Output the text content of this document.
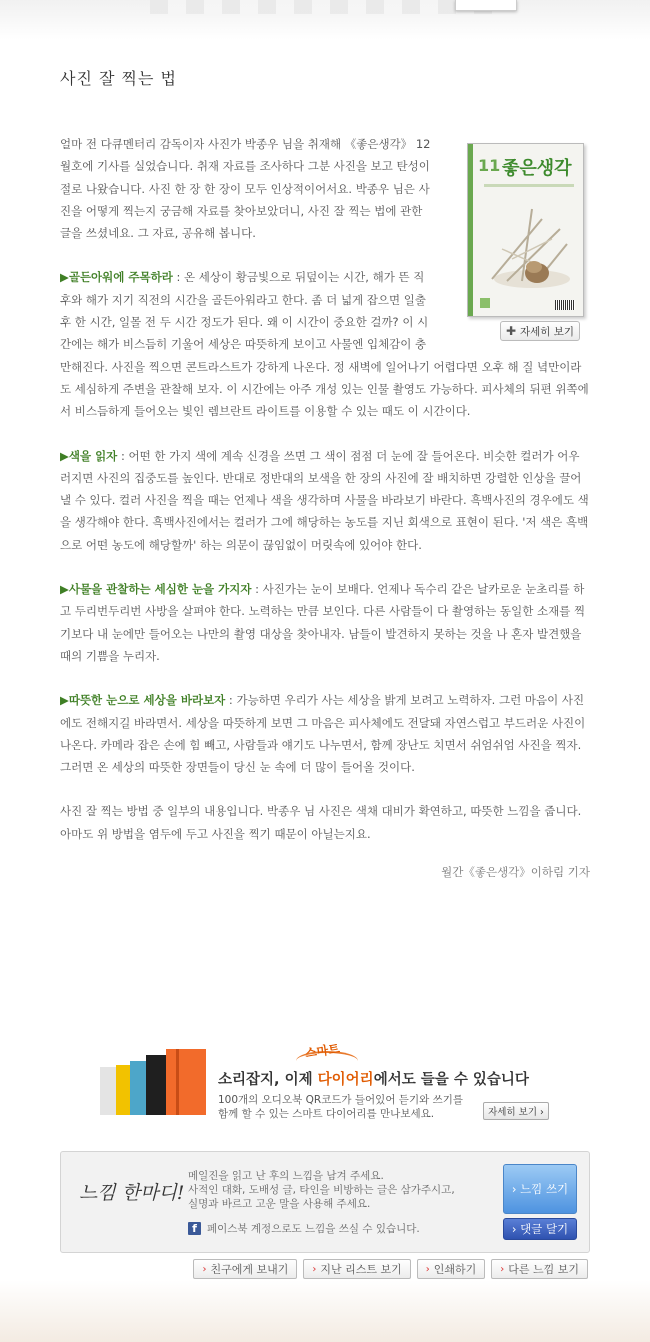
사진 잘 찍는 법
11 좋은생각
✚ 자세히 보기

얼마 전 다큐멘터리 감독이자 사진가 박종우 님을 취재해 《좋은생각》 12월호에 기사를 실었습니다. 취재 자료를 조사하다 그분 사진을 보고 탄성이 절로 나왔습니다. 사진 한 장 한 장이 모두 인상적이어서요. 박종우 님은 사진을 어떻게 찍는지 궁금해 자료를 찾아보았더니, 사진 잘 찍는 법에 관한 글을 쓰셨네요. 그 자료, 공유해 봅니다.

▶골든아워에 주목하라 : 온 세상이 황금빛으로 뒤덮이는 시간, 해가 뜬 직후와 해가 지기 직전의 시간을 골든아워라고 한다. 좀 더 넓게 잡으면 일출 후 한 시간, 일몰 전 두 시간 정도가 된다. 왜 이 시간이 중요한 걸까? 이 시간에는 해가 비스듬히 기울어 세상은 따뜻하게 보이고 사물엔 입체감이 충만해진다. 사진을 찍으면 콘트라스트가 강하게 나온다. 정 새벽에 일어나기 어렵다면 오후 해 질 녘만이라도 세심하게 주변을 관찰해 보자. 이 시간에는 아주 개성 있는 인물 촬영도 가능하다. 피사체의 뒤편 위쪽에서 비스듬하게 들어오는 빛인 렘브란트 라이트를 이용할 수 있는 때도 이 시간이다.

▶색을 읽자 : 어떤 한 가지 색에 계속 신경을 쓰면 그 색이 점점 더 눈에 잘 들어온다. 비슷한 컬러가 어우러지면 사진의 집중도를 높인다. 반대로 정반대의 보색을 한 장의 사진에 잘 배치하면 강렬한 인상을 끌어낼 수 있다. 컬러 사진을 찍을 때는 언제나 색을 생각하며 사물을 바라보기 바란다. 흑백사진의 경우에도 색을 생각해야 한다. 흑백사진에서는 컬러가 그에 해당하는 농도를 지닌 회색으로 표현이 된다. '저 색은 흑백으로 어떤 농도에 해당할까' 하는 의문이 끊임없이 머릿속에 있어야 한다.

▶사물을 관찰하는 세심한 눈을 가지자 : 사진가는 눈이 보배다. 언제나 독수리 같은 날카로운 눈초리를 하고 두리번두리번 사방을 살펴야 한다. 노력하는 만큼 보인다. 다른 사람들이 다 촬영하는 동일한 소재를 찍기보다 내 눈에만 들어오는 나만의 촬영 대상을 찾아내자. 남들이 발견하지 못하는 것을 나 혼자 발견했을 때의 기쁨을 누리자.

▶따뜻한 눈으로 세상을 바라보자 : 가능하면 우리가 사는 세상을 밝게 보려고 노력하자. 그런 마음이 사진에도 전해지길 바라면서. 세상을 따뜻하게 보면 그 마음은 피사체에도 전달돼 자연스럽고 부드러운 사진이 나온다. 카메라 잡은 손에 힘 빼고, 사람들과 얘기도 나누면서, 함께 장난도 치면서 쉬엄쉬엄 사진을 찍자. 그러면 온 세상의 따뜻한 장면들이 당신 눈 속에 더 많이 들어올 것이다.

사진 잘 찍는 방법 중 일부의 내용입니다. 박종우 님 사진은 색채 대비가 확연하고, 따뜻한 느낌을 줍니다. 아마도 위 방법을 염두에 두고 사진을 찍기 때문이 아닐는지요.

월간《좋은생각》이하림 기자
스마트
소리잡지, 이제 다이어리에서도 들을 수 있습니다
100개의 오디오북 QR코드가 들어있어 듣기와 쓰기를
함께 할 수 있는 스마트 다이어리를 만나보세요.	자세히 보기 ›
느낌 한마디!
메일진을 읽고 난 후의 느낌을 남겨 주세요.
사적인 대화, 도배성 글, 타인을 비방하는 글은 삼가주시고,
실명과 바르고 고운 말을 사용해 주세요.
f 페이스북 계정으로도 느낌을 쓰실 수 있습니다.
› 느낌 쓰기
› 댓글 달기
› 친구에게 보내기 › 지난 리스트 보기 › 인쇄하기 › 다른 느낌 보기
